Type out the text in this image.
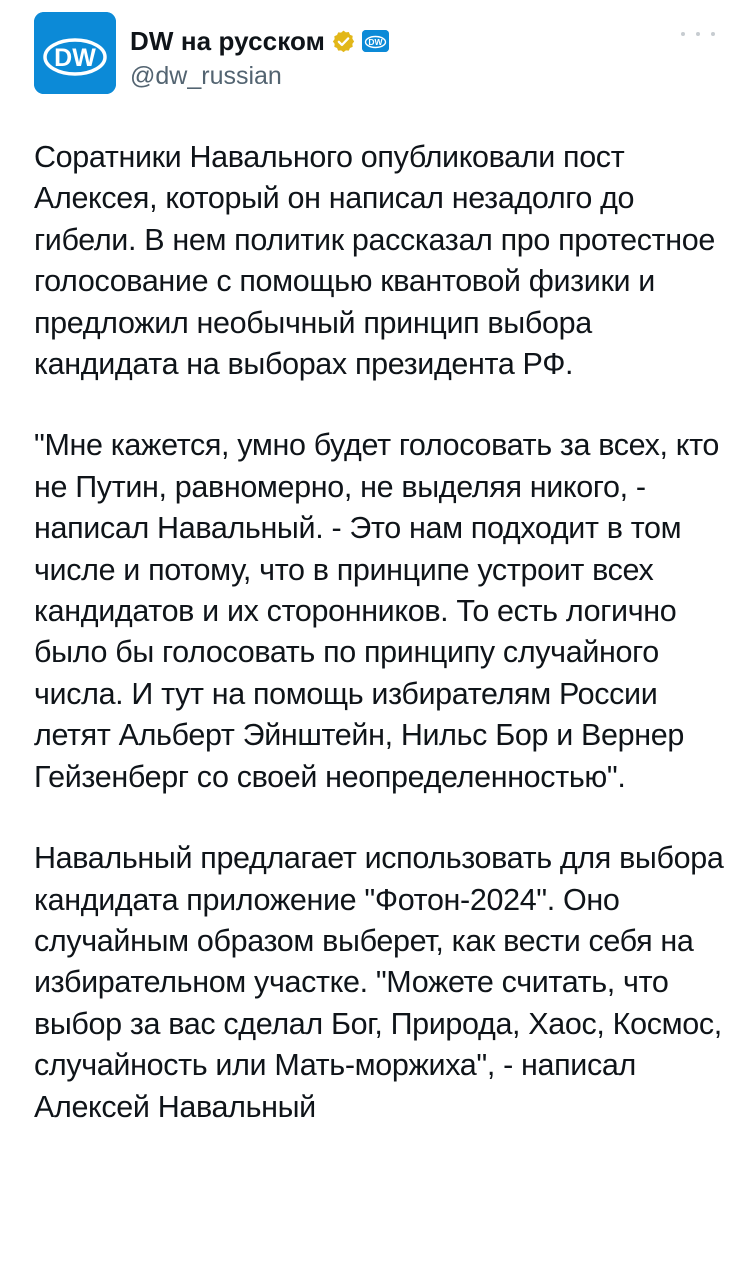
DW
DW на русском	DW
@dw_russian

Соратники Навального опубликовали пост Алексея, который он написал незадолго до гибели. В нем политик рассказал про протестное голосование с помощью квантовой физики и предложил необычный принцип выбора кандидата на выборах президента РФ.

"Мне кажется, умно будет голосовать за всех, кто не Путин, равномерно, не выделяя никого, - написал Навальный. - Это нам подходит в том числе и потому, что в принципе устроит всех кандидатов и их сторонников. То есть логично было бы голосовать по принципу случайного числа. И тут на помощь избирателям России летят Альберт Эйнштейн, Нильс Бор и Вернер Гейзенберг со своей неопределенностью".

Навальный предлагает использовать для выбора кандидата приложение "Фотон-2024". Оно случайным образом выберет, как вести себя на избирательном участке. "Можете считать, что выбор за вас сделал Бог, Природа, Хаос, Космос, случайность или Мать-моржиха", - написал Алексей Навальный
